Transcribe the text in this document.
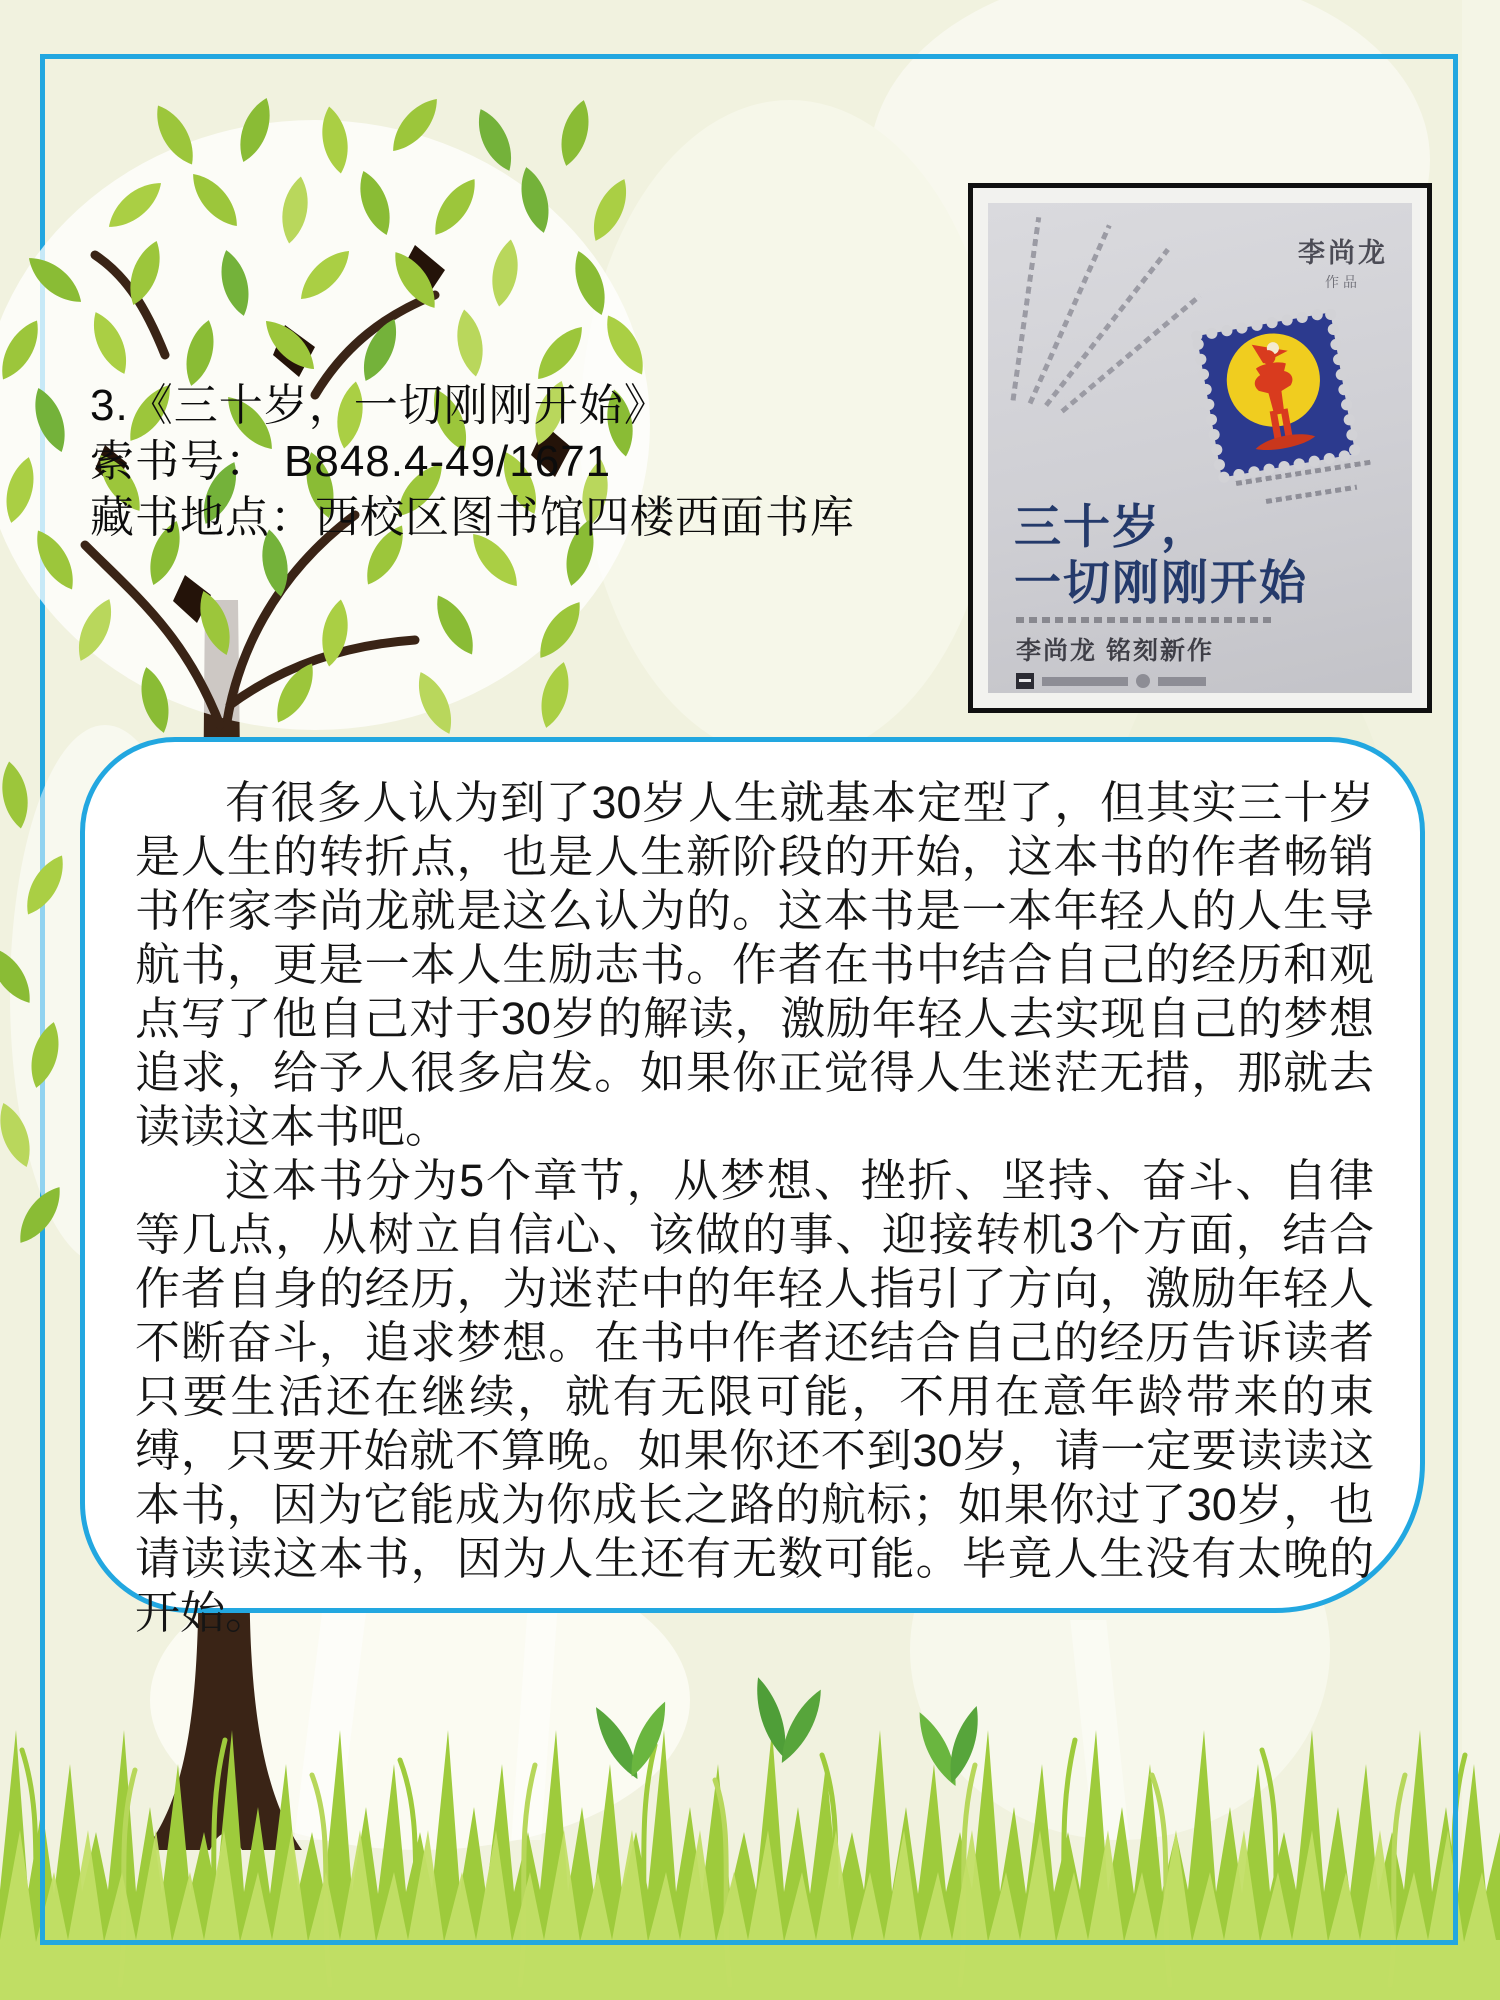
3.《三十岁，一切刚刚开始》
索书号： B848.4-49/1671
藏书地点：西校区图书馆四楼西面书库
李尚龙
作品
三十岁，
一切刚刚开始
李尚龙 铭刻新作

有很多人认为到了30岁人生就基本定型了，但其实三十岁是人生的转折点，也是人生新阶段的开始，这本书的作者畅销书作家李尚龙就是这么认为的。这本书是一本年轻人的人生导航书，更是一本人生励志书。作者在书中结合自己的经历和观点写了他自己对于30岁的解读，激励年轻人去实现自己的梦想追求，给予人很多启发。如果你正觉得人生迷茫无措，那就去读读这本书吧。

这本书分为5个章节，从梦想、挫折、坚持、奋斗、自律等几点，从树立自信心、该做的事、迎接转机3个方面，结合作者自身的经历，为迷茫中的年轻人指引了方向，激励年轻人不断奋斗，追求梦想。在书中作者还结合自己的经历告诉读者只要生活还在继续，就有无限可能，不用在意年龄带来的束缚，只要开始就不算晚。如果你还不到30岁，请一定要读读这本书，因为它能成为你成长之路的航标；如果你过了30岁，也请读读这本书，因为人生还有无数可能。毕竟人生没有太晚的开始。
